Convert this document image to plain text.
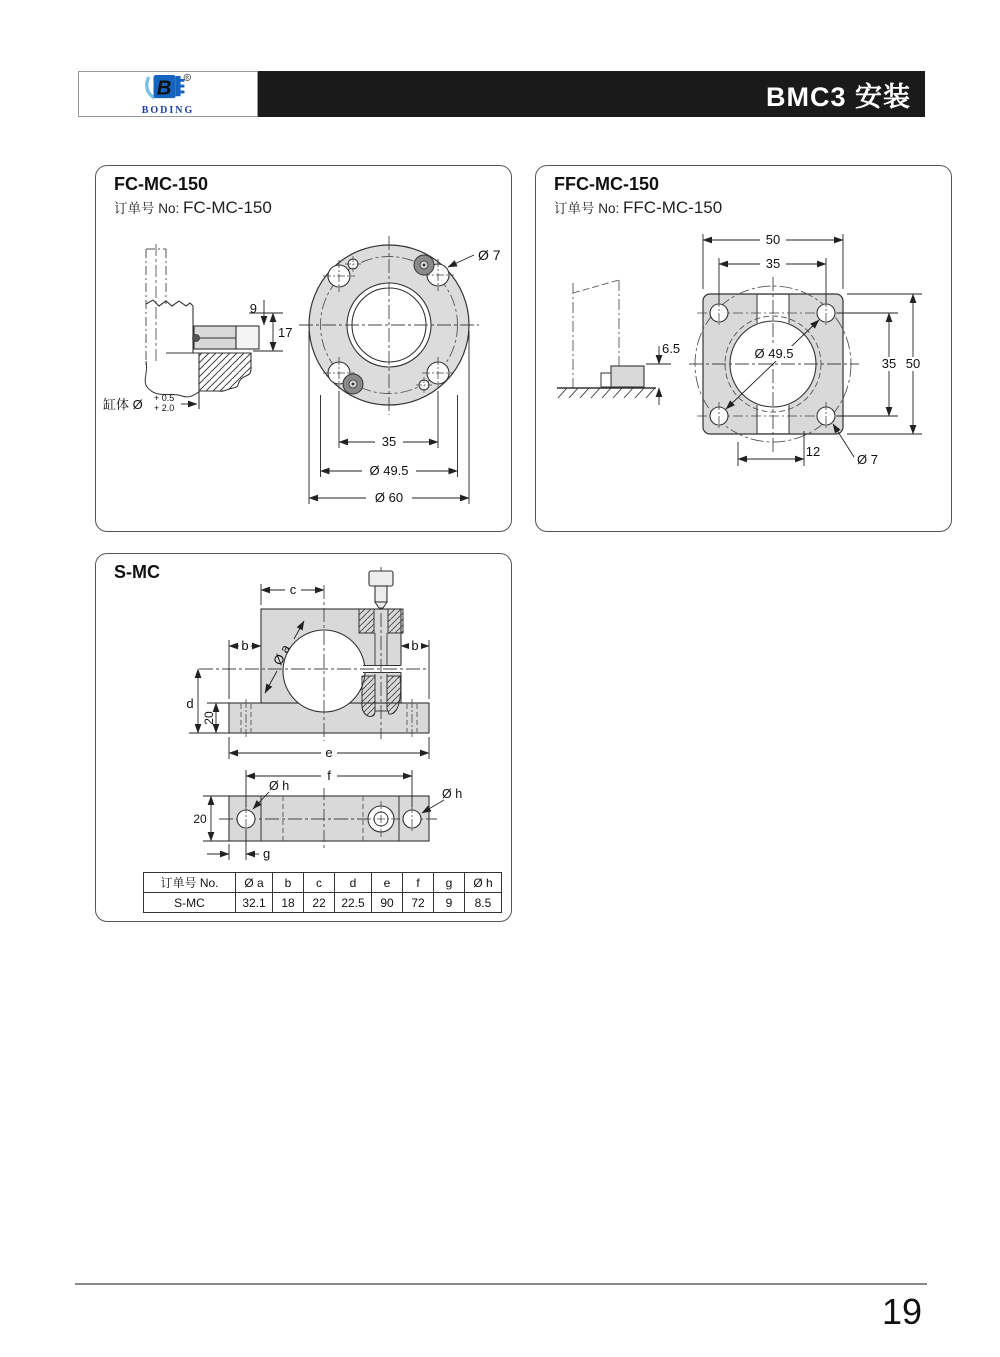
B	®
BODING	BMC3 安装
FC-MC-150
订单号 No: FC-MC-150
9
17
缸体 Ø + 0.5
+ 2.0
Ø 7
35
Ø 49.5
Ø 60
FFC-MC-150
订单号 No: FFC-MC-150
6.5	Ø 49.5
50
35
35 50
12
Ø 7
S-MC
c
b	b
Ø a
d
20
e
f
Ø h
Ø h
20
g
订单号 No.	Ø a	b	c	d	e	f	g	Ø h
S-MC	32.1	18	22	22.5	90	72	9	8.5
19
